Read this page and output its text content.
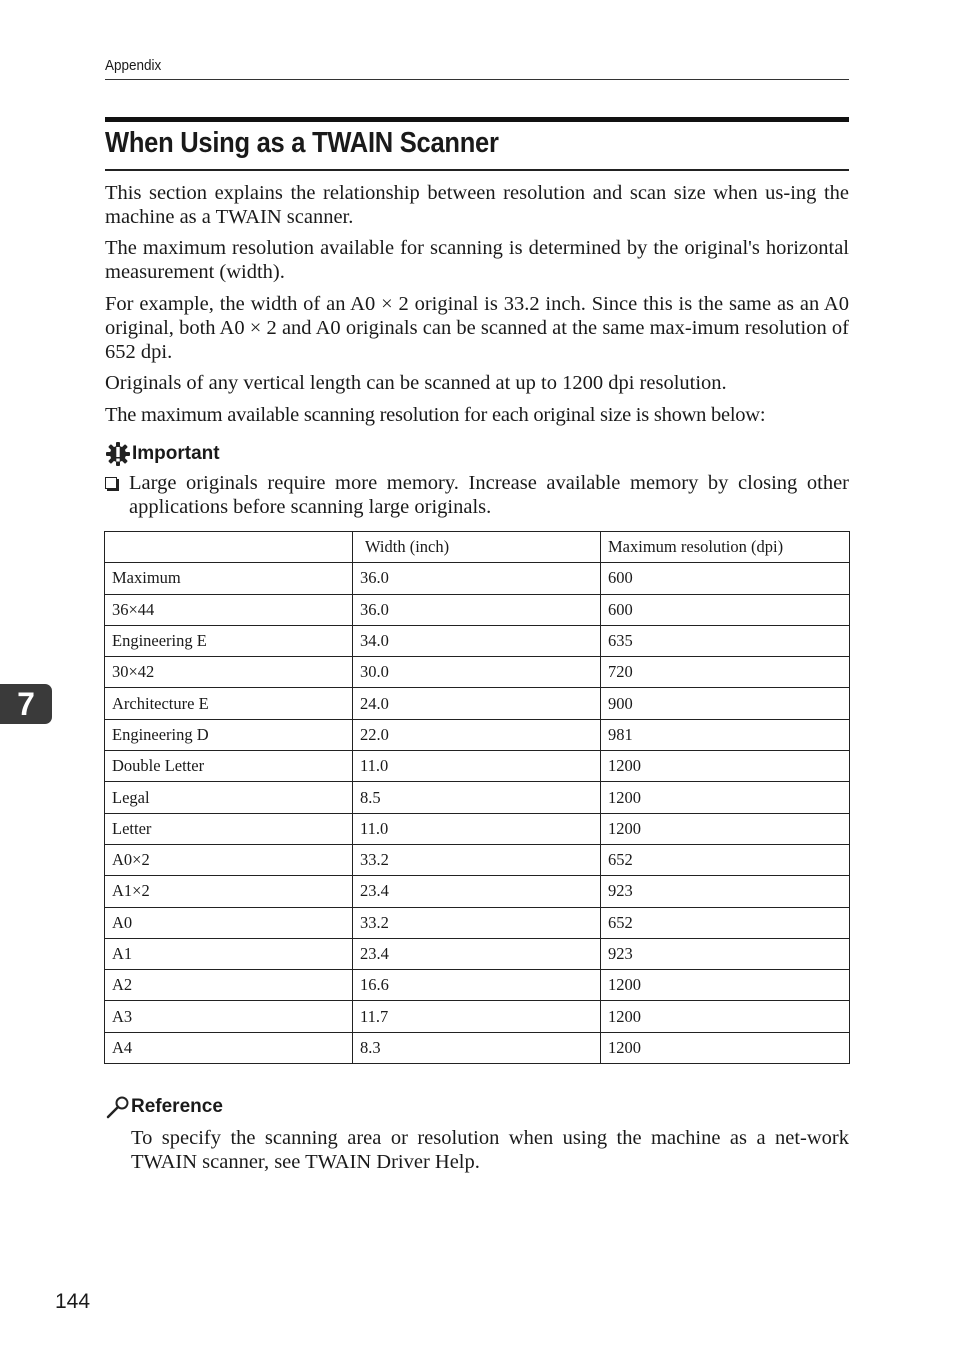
Appendix
When Using as a TWAIN Scanner

This section explains the relationship between resolution and scan size when us-ing the machine as a TWAIN scanner.

The maximum resolution available for scanning is determined by the original's horizontal measurement (width).

For example, the width of an A0 × 2 original is 33.2 inch. Since this is the same as an A0 original, both A0 × 2 and A0 originals can be scanned at the same max-imum resolution of 652 dpi.

Originals of any vertical length can be scanned at up to 1200 dpi resolution.

The maximum available scanning resolution for each original size is shown below:

Important
Large originals require more memory. Increase available memory by closing other applications before scanning large originals.
	Width (inch)	Maximum resolution (dpi)
Maximum	36.0	600
36×44	36.0	600
Engineering E	34.0	635
30×42	30.0	720
Architecture E	24.0	900
Engineering D	22.0	981
Double Letter	11.0	1200
Legal	8.5	1200
Letter	11.0	1200
A0×2	33.2	652
A1×2	23.4	923
A0	33.2	652
A1	23.4	923
A2	16.6	1200
A3	11.7	1200
A4	8.3	1200
7
Reference

To specify the scanning area or resolution when using the machine as a net-work TWAIN scanner, see TWAIN Driver Help.

144
